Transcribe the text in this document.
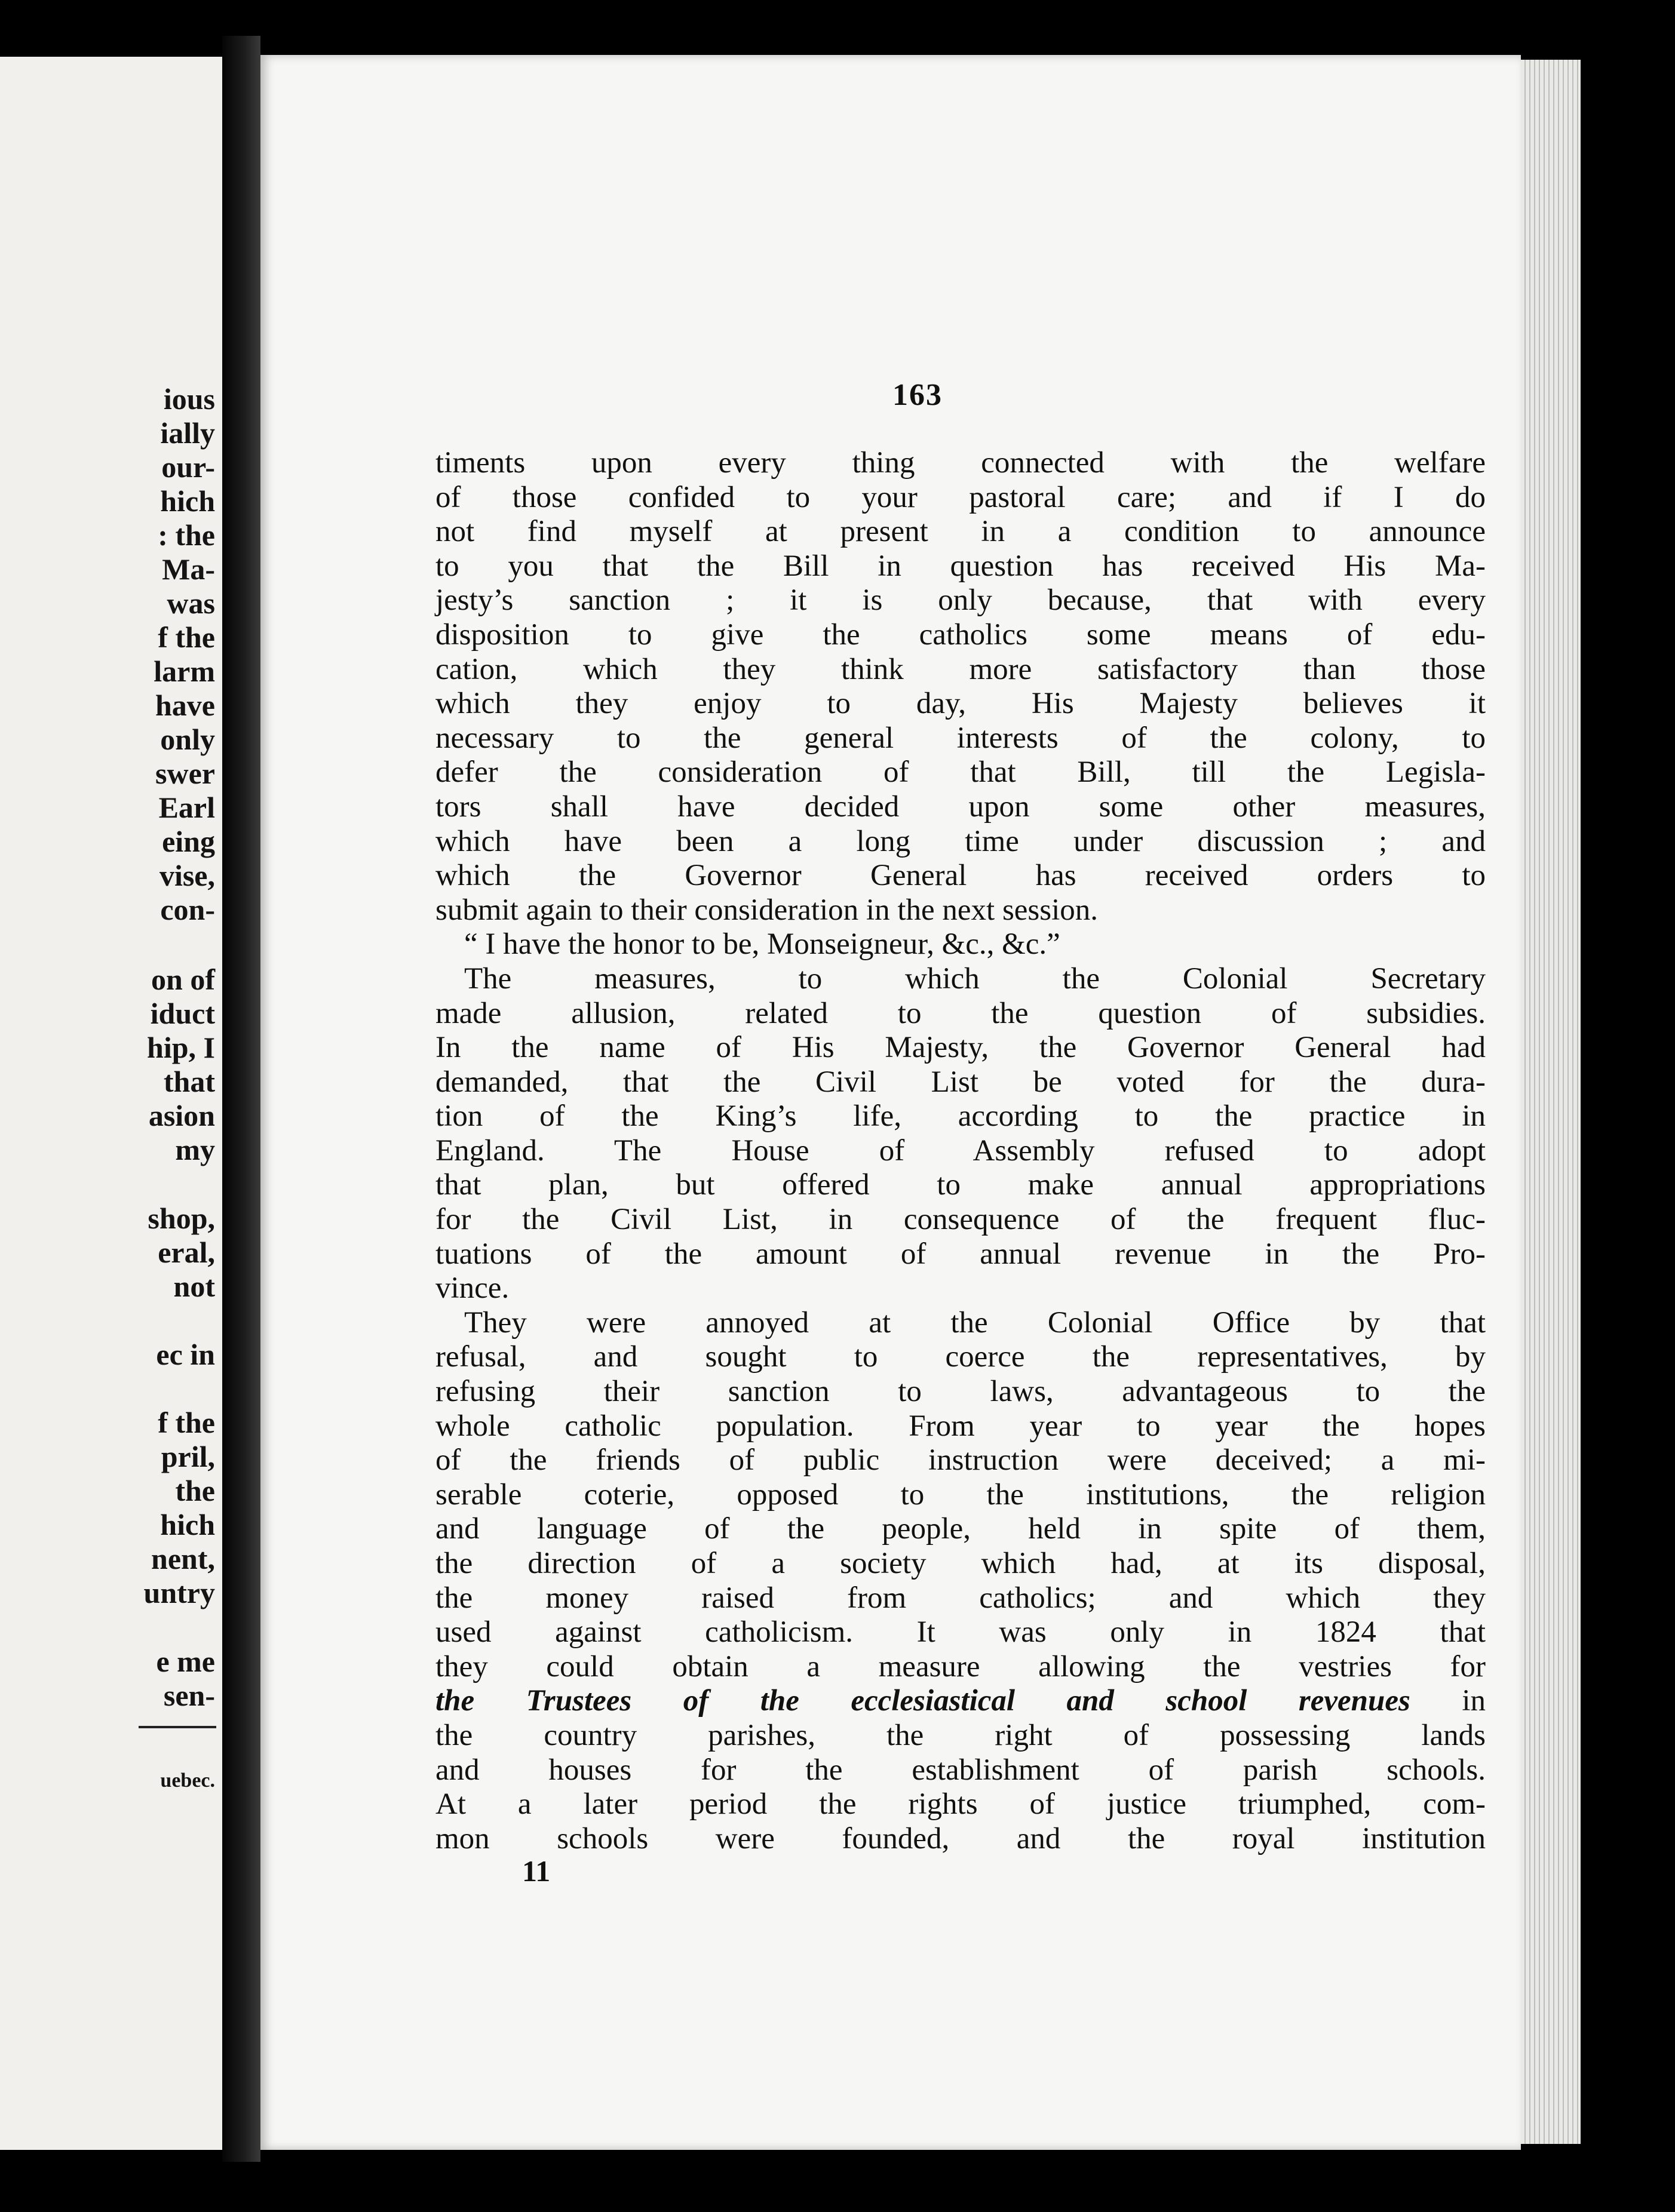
ious
ially
our-
hich
: the
Ma-
was
f the
larm
have
only
swer
Earl
eing
vise,
con-
on of
iduct
hip, I
that
asion
my
shop,
eral,
not
ec in
f the
pril,
the
hich
nent,
untry
e me
sen-
uebec.
163
timents upon every thing connected with the welfare
of those confided to your pastoral care; and if I do
not find myself at present in a condition to announce
to you that the Bill in question has received His Ma-
jesty’s sanction ; it is only because, that with every
disposition to give the catholics some means of edu-
cation, which they think more satisfactory than those
which they enjoy to day, His Majesty believes it
necessary to the general interests of the colony, to
defer the consideration of that Bill, till the Legisla-
tors shall have decided upon some other measures,
which have been a long time under discussion ; and
which the Governor General has received orders to
submit again to their consideration in the next session.
“ I have the honor to be, Monseigneur, &c., &c.”
The measures, to which the Colonial Secretary
made allusion, related to the question of subsidies.
In the name of His Majesty, the Governor General had
demanded, that the Civil List be voted for the dura-
tion of the King’s life, according to the practice in
England. The House of Assembly refused to adopt
that plan, but offered to make annual appropriations
for the Civil List, in consequence of the frequent fluc-
tuations of the amount of annual revenue in the Pro-
vince.
They were annoyed at the Colonial Office by that
refusal, and sought to coerce the representatives, by
refusing their sanction to laws, advantageous to the
whole catholic population. From year to year the hopes
of the friends of public instruction were deceived; a mi-
serable coterie, opposed to the institutions, the religion
and language of the people, held in spite of them,
the direction of a society which had, at its disposal,
the money raised from catholics; and which they
used against catholicism. It was only in 1824 that
they could obtain a measure allowing the vestries for
the Trustees of the ecclesiastical and school revenues in
the country parishes, the right of possessing lands
and houses for the establishment of parish schools.
At a later period the rights of justice triumphed, com-
mon schools were founded, and the royal institution
11
